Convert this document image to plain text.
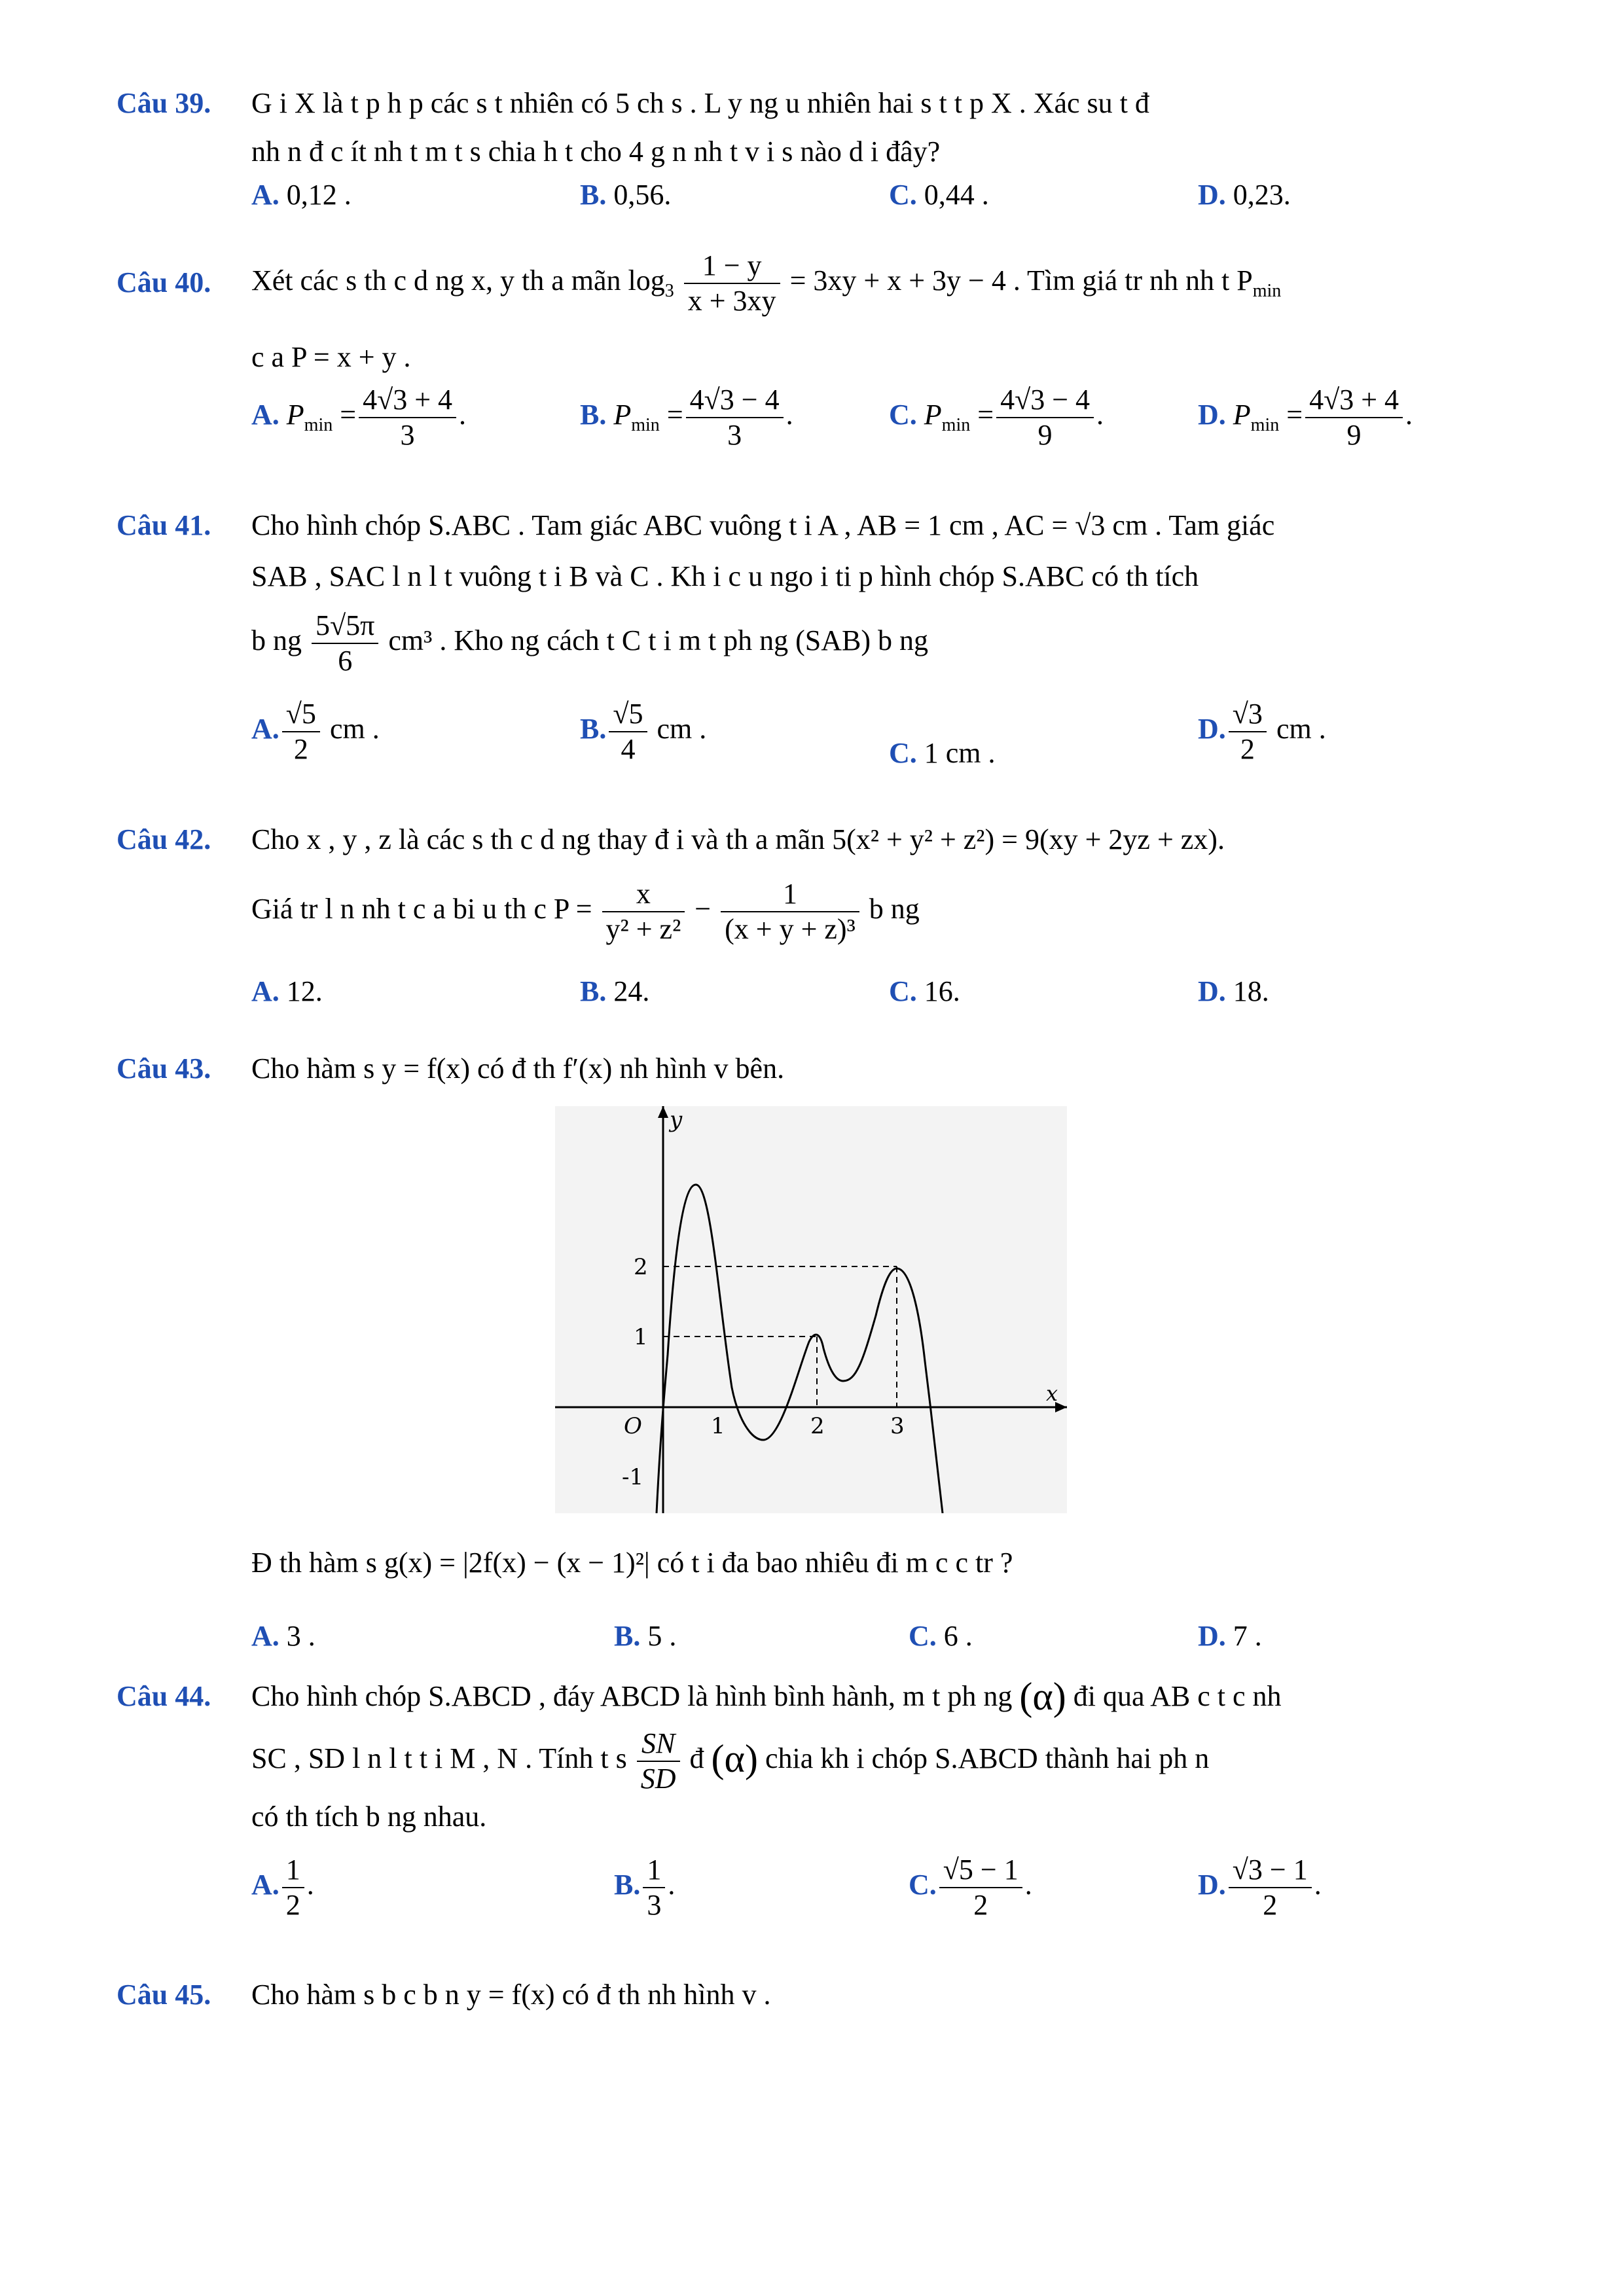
Câu 39. G i X là t p h p các s t nhiên có 5 ch s . L y ng u nhiên hai s t t p X . Xác su t đ
nh n đ c ít nh t m t s chia h t cho 4 g n nh t v i s nào d i đây?
A. 0,12 .	B. 0,56.	C. 0,44 .	D. 0,23.
Câu 40. Xét các s th c d ng x, y th a mãn $\log_3 \frac{1 - y}{x + 3xy} = 3xy + x + 3y - 4$ . Tìm giá tr nh nh t $P_{min}$
c a P = x + y .
A. $P_{min} = \frac{4√3 + 4}{3}$ .	B. $P_{min} = \frac{4√3 - 4}{3}$ .	C. $P_{min} = \frac{4√3 - 4}{9}$ .	D. $P_{min} = \frac{4√3 + 4}{9}$ .
Câu 41. Cho hình chóp S.ABC . Tam giác ABC vuông t i A , AB = 1 cm , AC = √3 cm . Tam giác
SAB , SAC l n l t vuông t i B và C . Kh i c u ngo i ti p hình chóp S.ABC có th tích
b ng $\frac{5√5\pi}{6} cm^3$ . Kho ng cách t C t i m t ph ng (SAB) b ng
A. $\frac{√5}{2}$ cm .	B. $\frac{√5}{4}$ cm .
C. 1 cm .
D. $\frac{√3}{2}$ cm .
Câu 42. Cho x , y , z là các s th c d ng thay đ i và th a mãn 5(x² + y² + z²) = 9(xy + 2yz + zx).
Giá tr l n nh t c a bi u th c $P = \frac{x}{\text{y² + z²}} - \frac{1}{\text{(x + y + z)³}}$ b ng
A. 12.	B. 24.	C. 16.	D. 18.
Câu 43. Cho hàm s y = f(x) có đ th f′(x) nh hình v bên.
y
x
O	1	2	3
2
1
-1
Đ th hàm s g(x) = |2f(x) − (x − 1)²| có t i đa bao nhiêu đi m c c tr ?
A. 3 .	B. 5 .	C. 6 .	D. 7 .
Câu 44. Cho hình chóp S.ABCD , đáy ABCD là hình bình hành, m t ph ng (α) đi qua AB c t c nh
SC , SD l n l t t i M , N . Tính t s $\frac{SN}{SD}$ đ (α) chia kh i chóp S.ABCD thành hai ph n
có th tích b ng nhau.
A. $\frac{1}{2}$ .	B. $\frac{1}{3}$ .	C. $\frac{√5 - 1}{2}$ .	D. $\frac{√3 - 1}{2}$ .
Câu 45. Cho hàm s b c b n y = f(x) có đ th nh hình v .
